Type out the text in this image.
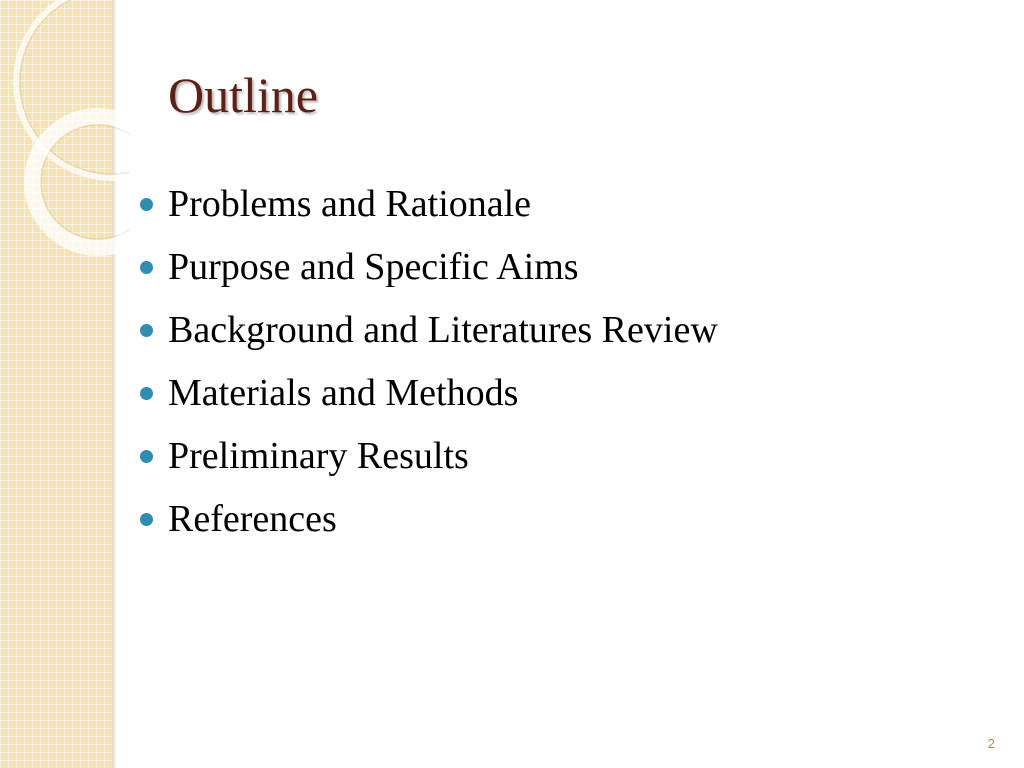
Outline
Problems and Rationale
Purpose and Specific Aims
Background and Literatures Review
Materials and Methods
Preliminary Results
References
2
